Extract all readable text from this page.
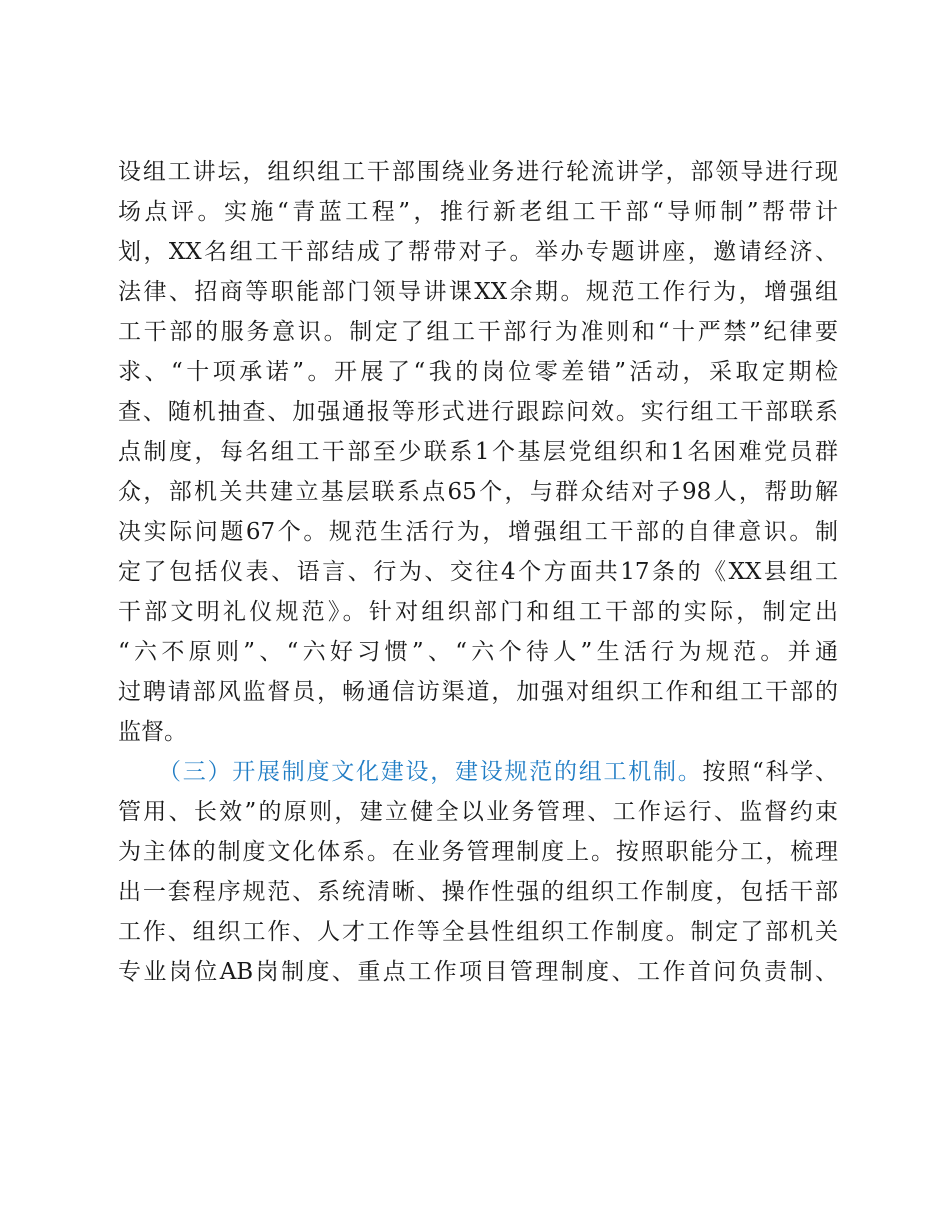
设组工讲坛，组织组工干部围绕业务进行轮流讲学，部领导进行现
场点评。实施“青蓝工程”，推行新老组工干部“导师制”帮带计
划，XX名组工干部结成了帮带对子。举办专题讲座，邀请经济、
法律、招商等职能部门领导讲课XX余期。规范工作行为，增强组
工干部的服务意识。制定了组工干部行为准则和“十严禁”纪律要
求、“十项承诺”。开展了“我的岗位零差错”活动，采取定期检
查、随机抽查、加强通报等形式进行跟踪问效。实行组工干部联系
点制度，每名组工干部至少联系1个基层党组织和1名困难党员群
众，部机关共建立基层联系点65个，与群众结对子98人，帮助解
决实际问题67个。规范生活行为，增强组工干部的自律意识。制
定了包括仪表、语言、行为、交往4个方面共17条的《XX县组工
干部文明礼仪规范》。针对组织部门和组工干部的实际，制定出
“六不原则”、“六好习惯”、“六个待人”生活行为规范。并通
过聘请部风监督员，畅通信访渠道，加强对组织工作和组工干部的
监督。
（三）开展制度文化建设，建设规范的组工机制。按照“科学、
管用、长效”的原则，建立健全以业务管理、工作运行、监督约束
为主体的制度文化体系。在业务管理制度上。按照职能分工，梳理
出一套程序规范、系统清晰、操作性强的组织工作制度，包括干部
工作、组织工作、人才工作等全县性组织工作制度。制定了部机关
专业岗位AB岗制度、重点工作项目管理制度、工作首问负责制、
